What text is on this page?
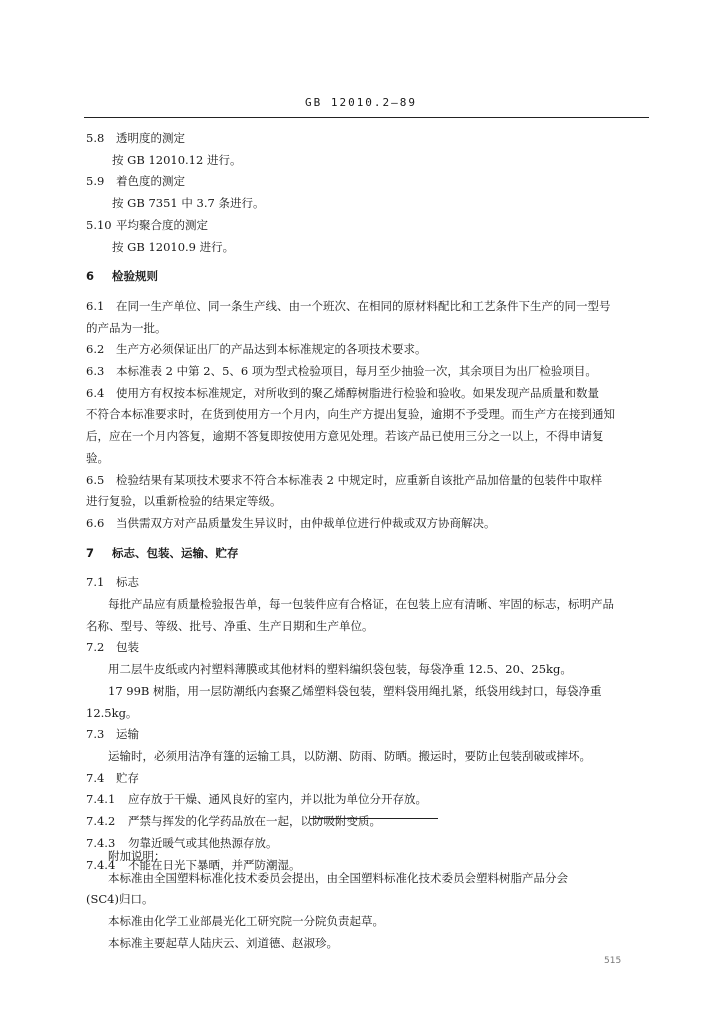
GB 12010.2—89
5.8 透明度的测定
按 GB 12010.12 进行。
5.9 着色度的测定
按 GB 7351 中 3.7 条进行。
5.10 平均聚合度的测定
按 GB 12010.9 进行。
6 检验规则
6.1 在同一生产单位、同一条生产线、由一个班次、在相同的原材料配比和工艺条件下生产的同一型号
的产品为一批。
6.2 生产方必须保证出厂的产品达到本标准规定的各项技术要求。
6.3 本标准表 2 中第 2、5、6 项为型式检验项目，每月至少抽验一次，其余项目为出厂检验项目。
6.4 使用方有权按本标准规定，对所收到的聚乙烯醇树脂进行检验和验收。如果发现产品质量和数量
不符合本标准要求时，在货到使用方一个月内，向生产方提出复验，逾期不予受理。而生产方在接到通知
后，应在一个月内答复，逾期不答复即按使用方意见处理。若该产品已使用三分之一以上，不得申请复
验。
6.5 检验结果有某项技术要求不符合本标准表 2 中规定时，应重新自该批产品加倍量的包装件中取样
进行复验，以重新检验的结果定等级。
6.6 当供需双方对产品质量发生异议时，由仲裁单位进行仲裁或双方协商解决。
7 标志、包装、运输、贮存
7.1 标志
每批产品应有质量检验报告单，每一包装件应有合格证，在包装上应有清晰、牢固的标志，标明产品
名称、型号、等级、批号、净重、生产日期和生产单位。
7.2 包装
用二层牛皮纸或内衬塑料薄膜或其他材料的塑料编织袋包装，每袋净重 12.5、20、25kg。
17 99B 树脂，用一层防潮纸内套聚乙烯塑料袋包装，塑料袋用绳扎紧，纸袋用线封口，每袋净重
12.5kg。
7.3 运输
运输时，必须用洁净有篷的运输工具，以防潮、防雨、防晒。搬运时，要防止包装刮破或摔坏。
7.4 贮存
7.4.1 应存放于干燥、通风良好的室内，并以批为单位分开存放。
7.4.2 严禁与挥发的化学药品放在一起，以防吸附变质。
7.4.3 勿靠近暖气或其他热源存放。
7.4.4 不能在日光下暴晒，并严防潮湿。
附加说明：
本标准由全国塑料标准化技术委员会提出，由全国塑料标准化技术委员会塑料树脂产品分会
(SC4)归口。
本标准由化学工业部晨光化工研究院一分院负责起草。
本标准主要起草人陆庆云、刘道德、赵淑珍。
515
